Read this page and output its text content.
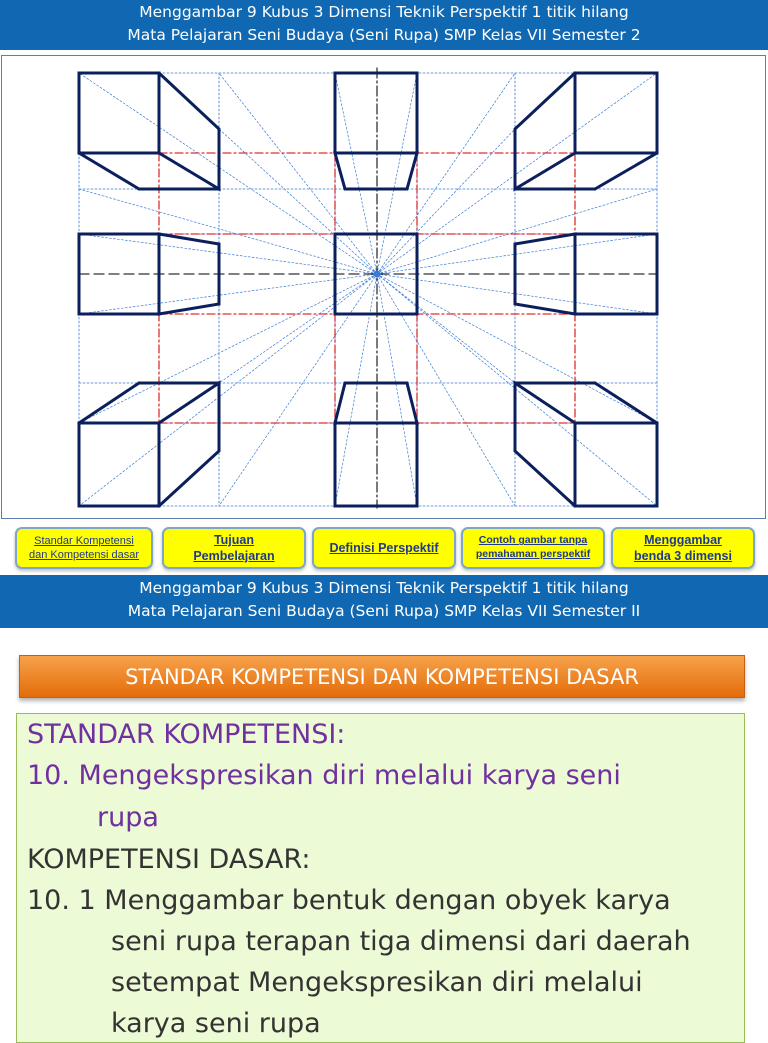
Menggambar 9 Kubus 3 Dimensi Teknik Perspektif 1 titik hilang
Mata Pelajaran Seni Budaya (Seni Rupa) SMP Kelas VII Semester 2
Standar Kompetensi
dan Kompetensi dasar
Tujuan
Pembelajaran
Definisi Perspektif
Contoh gambar tanpa
pemahaman perspektif
Menggambar
benda 3 dimensi
Menggambar 9 Kubus 3 Dimensi Teknik Perspektif 1 titik hilang
Mata Pelajaran Seni Budaya (Seni Rupa) SMP Kelas VII Semester II
STANDAR KOMPETENSI DAN KOMPETENSI DASAR
STANDAR KOMPETENSI:
10. Mengekspresikan diri melalui karya seni
rupa
KOMPETENSI DASAR:
10. 1 Menggambar bentuk dengan obyek karya
seni rupa terapan tiga dimensi dari daerah
setempat Mengekspresikan diri melalui
karya seni rupa
